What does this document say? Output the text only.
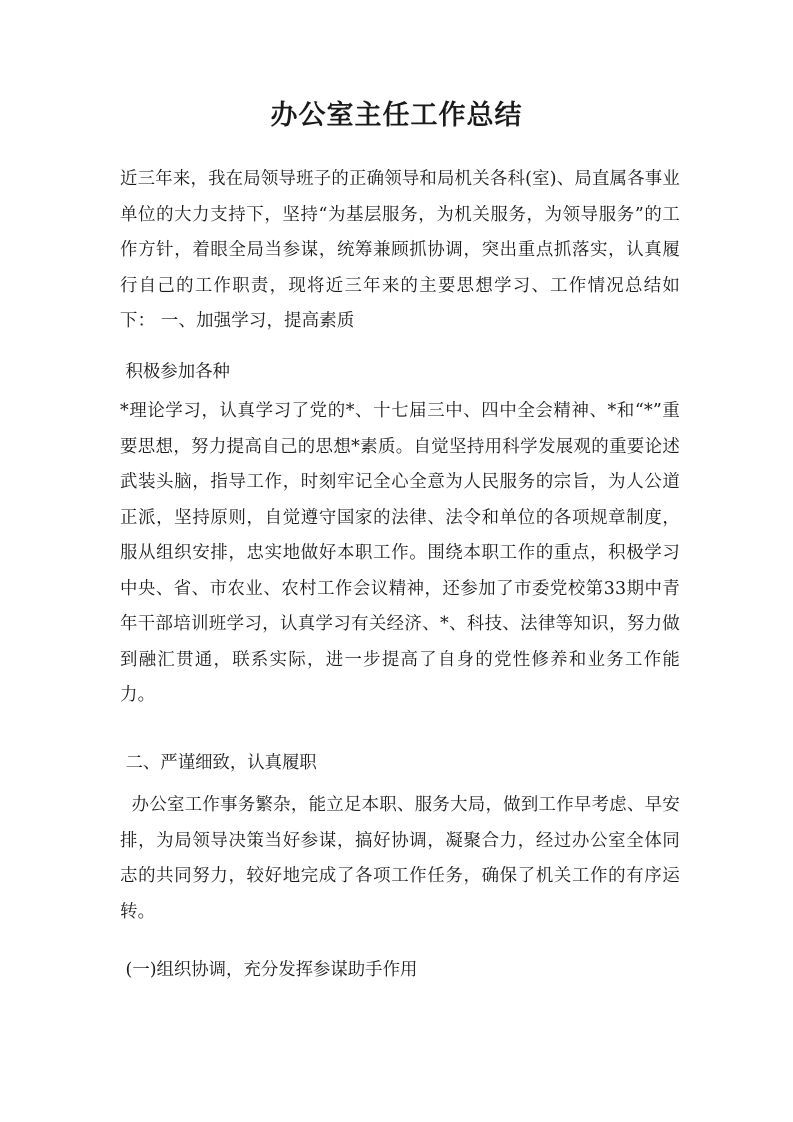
办公室主任工作总结

近三年来，我在局领导班子的正确领导和局机关各科(室)、局直属各事业单位的大力支持下，坚持“为基层服务，为机关服务，为领导服务”的工作方针，着眼全局当参谋，统筹兼顾抓协调，突出重点抓落实，认真履行自己的工作职责，现将近三年来的主要思想学习、工作情况总结如下： 一、加强学习，提高素质

积极参加各种

*理论学习，认真学习了党的*、十七届三中、四中全会精神、*和“*”重要思想，努力提高自己的思想*素质。自觉坚持用科学发展观的重要论述武装头脑，指导工作，时刻牢记全心全意为人民服务的宗旨，为人公道正派，坚持原则，自觉遵守国家的法律、法令和单位的各项规章制度，服从组织安排，忠实地做好本职工作。围绕本职工作的重点，积极学习中央、省、市农业、农村工作会议精神，还参加了市委党校第33期中青年干部培训班学习，认真学习有关经济、*、科技、法律等知识，努力做到融汇贯通，联系实际，进一步提高了自身的党性修养和业务工作能力。

二、严谨细致，认真履职

办公室工作事务繁杂，能立足本职、服务大局，做到工作早考虑、早安排，为局领导决策当好参谋，搞好协调，凝聚合力，经过办公室全体同志的共同努力，较好地完成了各项工作任务，确保了机关工作的有序运转。

(一)组织协调，充分发挥参谋助手作用
